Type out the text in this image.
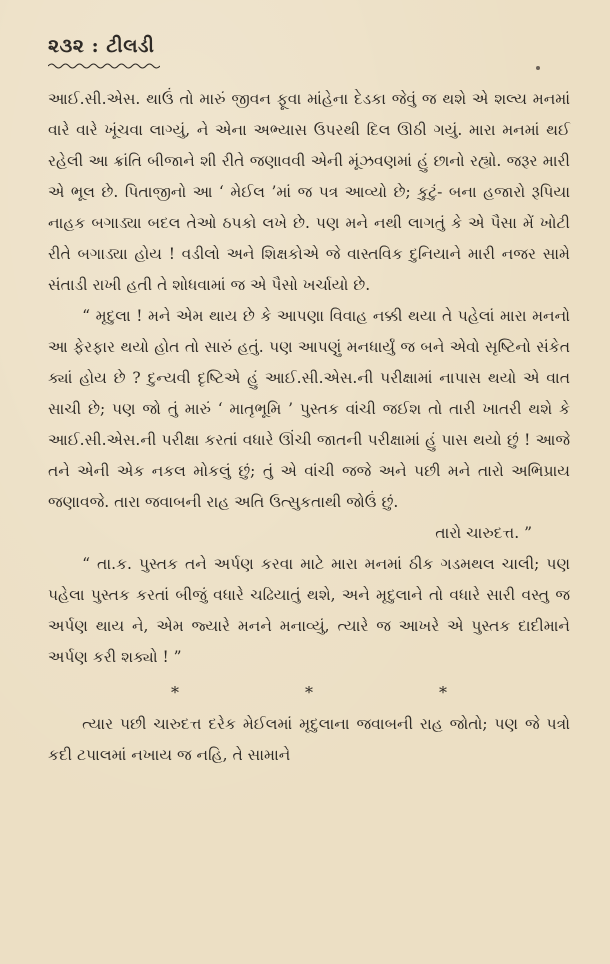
૨૩૨ : ટીલડી

આઈ.સી.એસ. થાઉં તો મારું જીવન ફૂવા માંહેના દેડકા જેવું જ થશે એ શલ્ય મનમાં વારે વારે ખૂંચવા લાગ્યું, ને એના અભ્યાસ ઉપરથી દિલ ઊઠી ગયું. મારા મનમાં થઈ રહેલી આ ક્રાંતિ બીજાને શી રીતે જણાવવી એની મૂંઝવણમાં હું છાનો રહ્યો. જરૂર મારી એ ભૂલ છે. પિતાજીનો આ ‘ મેઈલ ’માં જ પત્ર આવ્યો છે; કુટું- બના હજારો રૂપિયા નાહક બગાડ્યા બદલ તેઓ ઠપકો લખે છે. પણ મને નથી લાગતું કે એ પૈસા મેં ખોટી રીતે બગાડ્યા હોય ! વડીલો અને શિક્ષકોએ જે વાસ્તવિક દુનિયાને મારી નજર સામે સંતાડી રાખી હતી તે શોધવામાં જ એ પૈસો ખર્ચાયો છે.

“ મૃદુલા ! મને એમ થાય છે કે આપણા વિવાહ નક્કી થયા તે પહેલાં મારા મનનો આ ફેરફાર થયો હોત તો સારું હતું. પણ આપણું મનધાર્યું જ બને એવો સૃષ્ટિનો સંકેત ક્યાં હોય છે ? દુન્યવી દૃષ્ટિએ હું આઈ.સી.એસ.ની પરીક્ષામાં નાપાસ થયો એ વાત સાચી છે; પણ જો તું મારું ‘ માતૃભૂમિ ’ પુસ્તક વાંચી જઈશ તો તારી ખાતરી થશે કે આઈ.સી.એસ.ની પરીક્ષા કરતાં વધારે ઊંચી જાતની પરીક્ષામાં હું પાસ થયો છું ! આજે તને એની એક નકલ મોકલું છું; તું એ વાંચી જજે અને પછી મને તારો અભિપ્રાય જણાવજે. તારા જવાબની રાહ અતિ ઉત્સુકતાથી જોઉં છું.

તારો ચારુદત્ત. ”

“ તા.ક. પુસ્તક તને અર્પણ કરવા માટે મારા મનમાં ઠીક ગડમથલ ચાલી; પણ પહેલા પુસ્તક કરતાં બીજું વધારે ચઢિયાતું થશે, અને મૃદુલાને તો વધારે સારી વસ્તુ જ અર્પણ થાય ને, એમ જ્યારે મનને મનાવ્યું, ત્યારે જ આખરે એ પુસ્તક દાદીમાને અર્પણ કરી શક્યો ! ”

*	*	*

ત્યાર પછી ચારુદત્ત દરેક મેઈલમાં મૃદુલાના જવાબની રાહ જોતો; પણ જે પત્રો કદી ટપાલમાં નખાય જ નહિ, તે સામાને
